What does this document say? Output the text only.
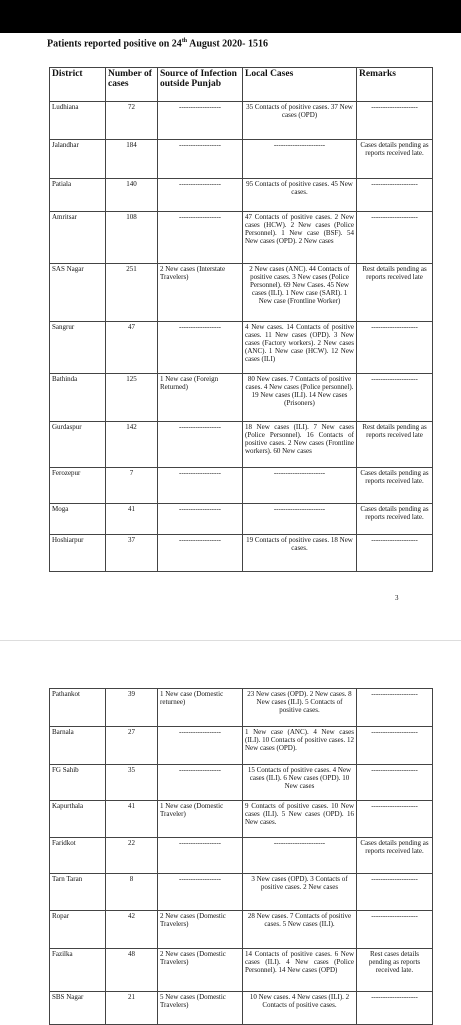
Patients reported positive on 24th August 2020- 1516
District	Number of cases	Source of Infection outside Punjab	Local Cases	Remarks
Ludhiana	72	------------------	35 Contacts of positive cases. 37 New cases (OPD)	--------------------
Jalandhar	184	------------------	----------------------	Cases details pending as reports received late.
Patiala	140	------------------	95 Contacts of positive cases. 45 New cases.	--------------------
Amritsar	108	------------------	47 Contacts of positive cases. 2 New cases (HCW). 2 New cases (Police Personnel). 1 New case (BSF). 54 New cases (OPD). 2 New cases	--------------------
SAS Nagar	251	2 New cases (Interstate Travelers)	2 New cases (ANC). 44 Contacts of positive cases. 3 New cases (Police Personnel). 69 New Cases. 45 New cases (ILI). 1 New case (SARI). 1 New case (Frontline Worker)	Rest details pending as reports received late
Sangrur	47	------------------	4 New cases. 14 Contacts of positive cases. 11 New cases (OPD). 3 New cases (Factory workers). 2 New cases (ANC). 1 New case (HCW). 12 New cases (ILI)	--------------------
Bathinda	125	1 New case (Foreign Returned)	80 New cases. 7 Contacts of positive cases. 4 New cases (Police personnel). 19 New cases (ILI). 14 New cases (Prisoners)	--------------------
Gurdaspur	142	------------------	18 New cases (ILI). 7 New cases (Police Personnel). 16 Contacts of positive cases. 2 New cases (Frontline workers). 60 New cases	Rest details pending as reports received late
Ferozepur	7	------------------	----------------------	Cases details pending as reports received late.
Moga	41	------------------	----------------------	Cases details pending as reports received late.
Hoshiarpur	37	------------------	19 Contacts of positive cases. 18 New cases.	--------------------
3
Pathankot	39	1 New case (Domestic returnee)	23 New cases (OPD). 2 New cases. 8 New cases (ILI). 5 Contacts of positive cases.	--------------------
Barnala	27	------------------	1 New case (ANC). 4 New cases (ILI). 10 Contacts of positive cases. 12 New cases (OPD).	--------------------
FG Sahib	35	------------------	15 Contacts of positive cases. 4 New cases (ILI). 6 New cases (OPD). 10 New cases	--------------------
Kapurthala	41	1 New case (Domestic Traveler)	9 Contacts of positive cases. 10 New cases (ILI). 5 New cases (OPD). 16 New cases.	--------------------
Faridkot	22	------------------	----------------------	Cases details pending as reports received late.
Tarn Taran	8	------------------	3 New cases (OPD). 3 Contacts of positive cases. 2 New cases	--------------------
Ropar	42	2 New cases (Domestic Travelers)	28 New cases. 7 Contacts of positive cases. 5 New cases (ILI).	--------------------
Fazilka	48	2 New cases (Domestic Travelers)	14 Contacts of positive cases. 6 New cases (ILI). 4 New cases (Police Personnel). 14 New cases (OPD)	Rest cases details pending as reports received late.
SBS Nagar	21	5 New cases (Domestic Travelers)	10 New cases. 4 New cases (ILI). 2 Contacts of positive cases.	--------------------
